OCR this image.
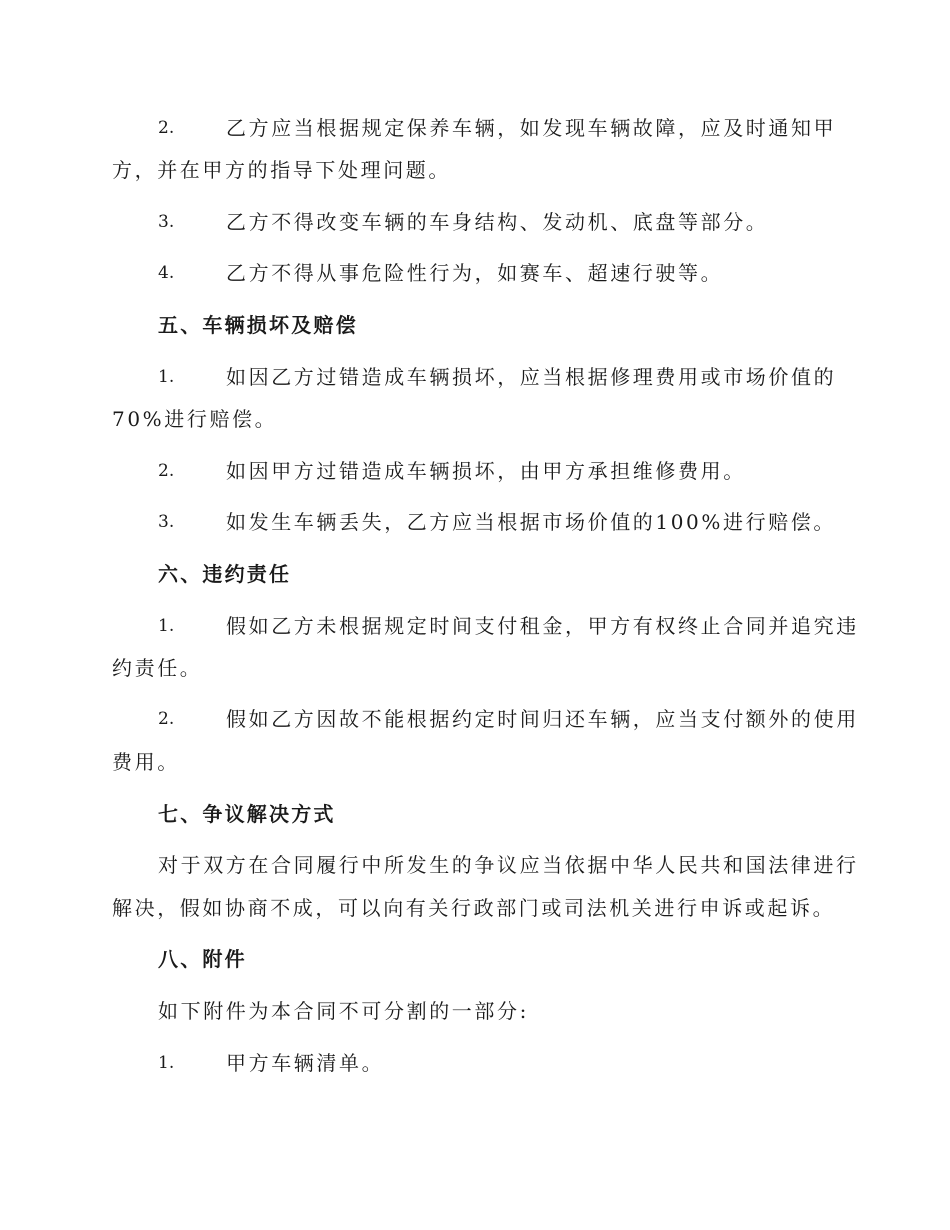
2.	乙方应当根据规定保养车辆，如发现车辆故障，应及时通知甲
方，并在甲方的指导下处理问题。
3.	乙方不得改变车辆的车身结构、发动机、底盘等部分。
4.	乙方不得从事危险性行为，如赛车、超速行驶等。
五、车辆损坏及赔偿
1.	如因乙方过错造成车辆损坏，应当根据修理费用或市场价值的
70%进行赔偿。
2.	如因甲方过错造成车辆损坏，由甲方承担维修费用。
3.	如发生车辆丢失，乙方应当根据市场价值的100%进行赔偿。
六、违约责任
1.	假如乙方未根据规定时间支付租金，甲方有权终止合同并追究违
约责任。
2.	假如乙方因故不能根据约定时间归还车辆，应当支付额外的使用
费用。
七、争议解决方式
对于双方在合同履行中所发生的争议应当依据中华人民共和国法律进行
解决，假如协商不成，可以向有关行政部门或司法机关进行申诉或起诉。
八、附件
如下附件为本合同不可分割的一部分:
1.	甲方车辆清单。
